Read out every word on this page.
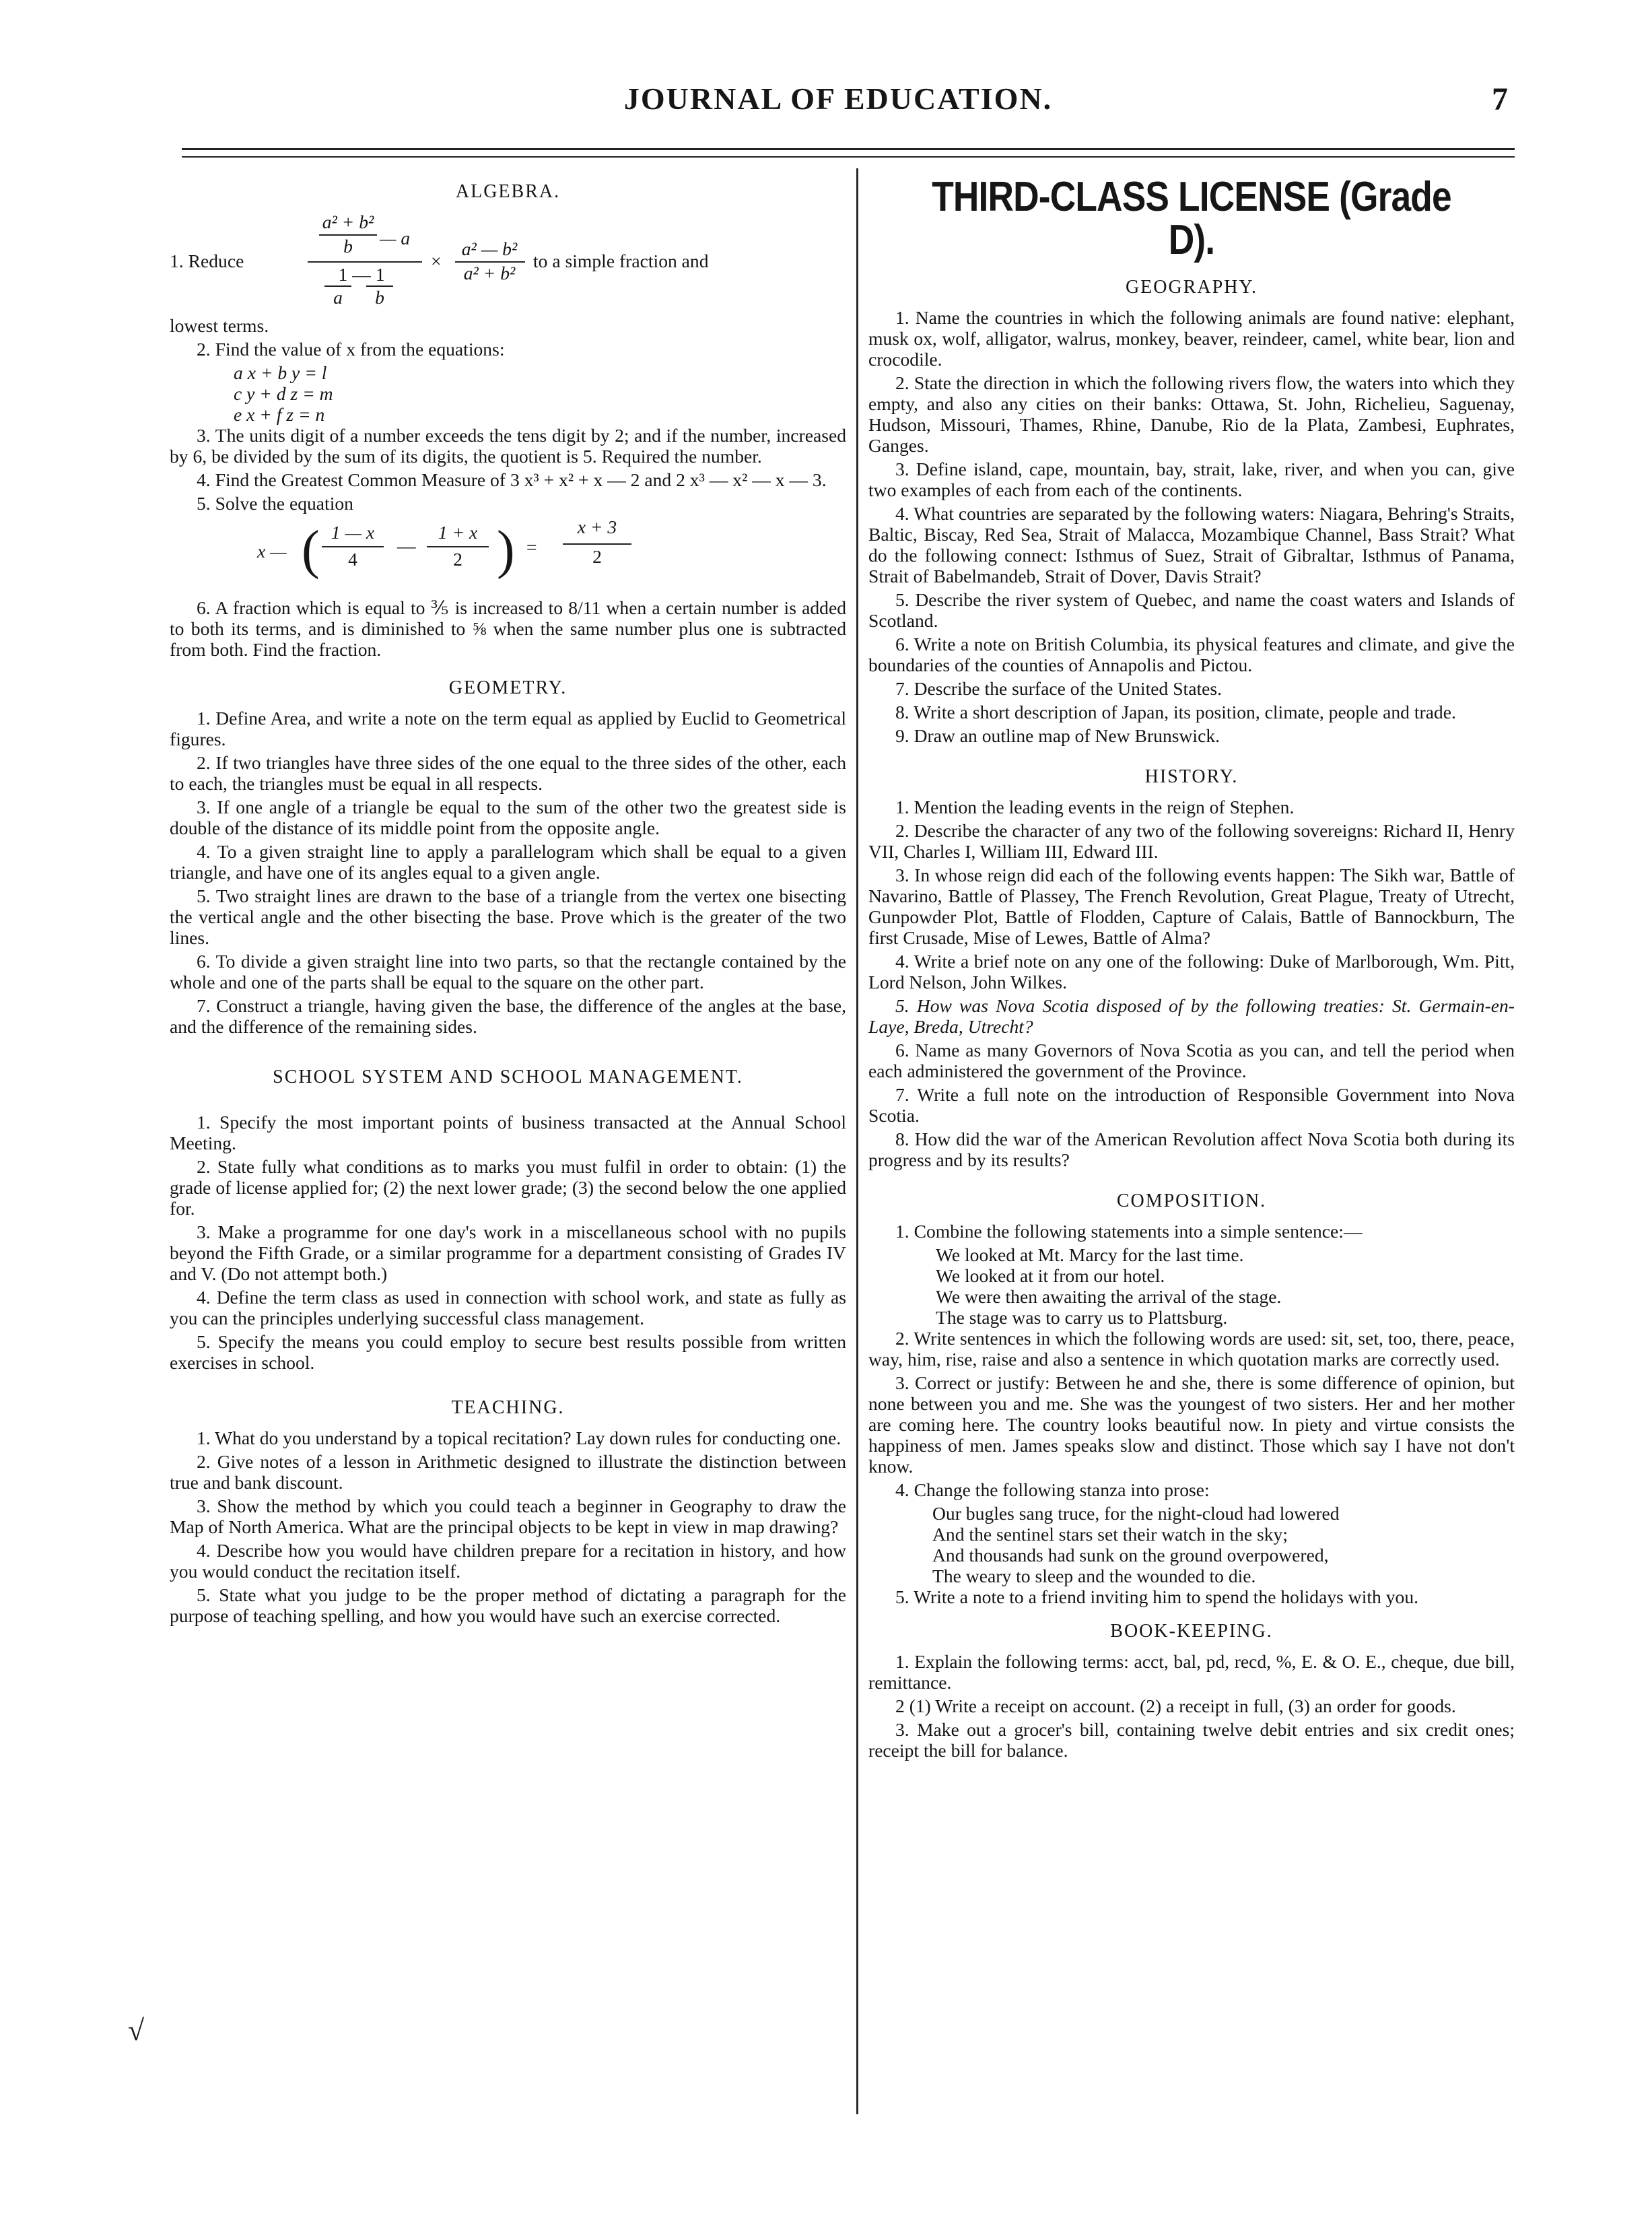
JOURNAL OF EDUCATION.	7
ALGEBRA.
1. Reduce
a² + b²
b	— a
1 — 1
a	b
×
a² — b²
a² + b²
to a simple fraction and

lowest terms.

2. Find the value of x from the equations:

a x + b y = l

c y + d z = m

e x + f z = n

3. The units digit of a number exceeds the tens digit by 2; and if the number, increased by 6, be divided by the sum of its digits, the quotient is 5. Required the number.

4. Find the Greatest Common Measure of 3 x³ + x² + x — 2 and 2 x³ — x² — x — 3.

5. Solve the equation

x — ( 1 — x
4
—
1 + x
2 ) =
x + 3
2

6. A fraction which is equal to ⅗ is increased to 8/11 when a certain number is added to both its terms, and is diminished to ⅝ when the same number plus one is subtracted from both. Find the fraction.

GEOMETRY.

1. Define Area, and write a note on the term equal as applied by Euclid to Geometrical figures.

2. If two triangles have three sides of the one equal to the three sides of the other, each to each, the triangles must be equal in all respects.

3. If one angle of a triangle be equal to the sum of the other two the greatest side is double of the distance of its middle point from the opposite angle.

4. To a given straight line to apply a parallelogram which shall be equal to a given triangle, and have one of its angles equal to a given angle.

5. Two straight lines are drawn to the base of a triangle from the vertex one bisecting the vertical angle and the other bisecting the base. Prove which is the greater of the two lines.

6. To divide a given straight line into two parts, so that the rectangle contained by the whole and one of the parts shall be equal to the square on the other part.

7. Construct a triangle, having given the base, the difference of the angles at the base, and the difference of the remaining sides.

SCHOOL SYSTEM AND SCHOOL MANAGEMENT.

1. Specify the most important points of business transacted at the Annual School Meeting.

2. State fully what conditions as to marks you must fulfil in order to obtain: (1) the grade of license applied for; (2) the next lower grade; (3) the second below the one applied for.

3. Make a programme for one day's work in a miscellaneous school with no pupils beyond the Fifth Grade, or a similar programme for a department consisting of Grades IV and V. (Do not attempt both.)

4. Define the term class as used in connection with school work, and state as fully as you can the principles underlying successful class management.

5. Specify the means you could employ to secure best results possible from written exercises in school.

TEACHING.

1. What do you understand by a topical recitation? Lay down rules for conducting one.

2. Give notes of a lesson in Arithmetic designed to illustrate the distinction between true and bank discount.

3. Show the method by which you could teach a beginner in Geography to draw the Map of North America. What are the principal objects to be kept in view in map drawing?

4. Describe how you would have children prepare for a recitation in history, and how you would conduct the recitation itself.

5. State what you judge to be the proper method of dictating a paragraph for the purpose of teaching spelling, and how you would have such an exercise corrected.

THIRD-CLASS LICENSE (Grade D).
GEOGRAPHY.

1. Name the countries in which the following animals are found native: elephant, musk ox, wolf, alligator, walrus, monkey, beaver, reindeer, camel, white bear, lion and crocodile.

2. State the direction in which the following rivers flow, the waters into which they empty, and also any cities on their banks: Ottawa, St. John, Richelieu, Saguenay, Hudson, Missouri, Thames, Rhine, Danube, Rio de la Plata, Zambesi, Euphrates, Ganges.

3. Define island, cape, mountain, bay, strait, lake, river, and when you can, give two examples of each from each of the continents.

4. What countries are separated by the following waters: Niagara, Behring's Straits, Baltic, Biscay, Red Sea, Strait of Malacca, Mozambique Channel, Bass Strait? What do the following connect: Isthmus of Suez, Strait of Gibraltar, Isthmus of Panama, Strait of Babelmandeb, Strait of Dover, Davis Strait?

5. Describe the river system of Quebec, and name the coast waters and Islands of Scotland.

6. Write a note on British Columbia, its physical features and climate, and give the boundaries of the counties of Annapolis and Pictou.

7. Describe the surface of the United States.

8. Write a short description of Japan, its position, climate, people and trade.

9. Draw an outline map of New Brunswick.

HISTORY.

1. Mention the leading events in the reign of Stephen.

2. Describe the character of any two of the following sovereigns: Richard II, Henry VII, Charles I, William III, Edward III.

3. In whose reign did each of the following events happen: The Sikh war, Battle of Navarino, Battle of Plassey, The French Revolution, Great Plague, Treaty of Utrecht, Gunpowder Plot, Battle of Flodden, Capture of Calais, Battle of Bannockburn, The first Crusade, Mise of Lewes, Battle of Alma?

4. Write a brief note on any one of the following: Duke of Marlborough, Wm. Pitt, Lord Nelson, John Wilkes.

5. How was Nova Scotia disposed of by the following treaties: St. Germain-en-Laye, Breda, Utrecht?

6. Name as many Governors of Nova Scotia as you can, and tell the period when each administered the government of the Province.

7. Write a full note on the introduction of Responsible Government into Nova Scotia.

8. How did the war of the American Revolution affect Nova Scotia both during its progress and by its results?

COMPOSITION.

1. Combine the following statements into a simple sentence:—

We looked at Mt. Marcy for the last time.

We looked at it from our hotel.

We were then awaiting the arrival of the stage.

The stage was to carry us to Plattsburg.

2. Write sentences in which the following words are used: sit, set, too, there, peace, way, him, rise, raise and also a sentence in which quotation marks are correctly used.

3. Correct or justify: Between he and she, there is some difference of opinion, but none between you and me. She was the youngest of two sisters. Her and her mother are coming here. The country looks beautiful now. In piety and virtue consists the happiness of men. James speaks slow and distinct. Those which say I have not don't know.

4. Change the following stanza into prose:

Our bugles sang truce, for the night-cloud had lowered

And the sentinel stars set their watch in the sky;

And thousands had sunk on the ground overpowered,

The weary to sleep and the wounded to die.

5. Write a note to a friend inviting him to spend the holidays with you.

BOOK-KEEPING.

1. Explain the following terms: acct, bal, pd, recd, %, E. & O. E., cheque, due bill, remittance.

2 (1) Write a receipt on account. (2) a receipt in full, (3) an order for goods.

3. Make out a grocer's bill, containing twelve debit entries and six credit ones; receipt the bill for balance.

√
